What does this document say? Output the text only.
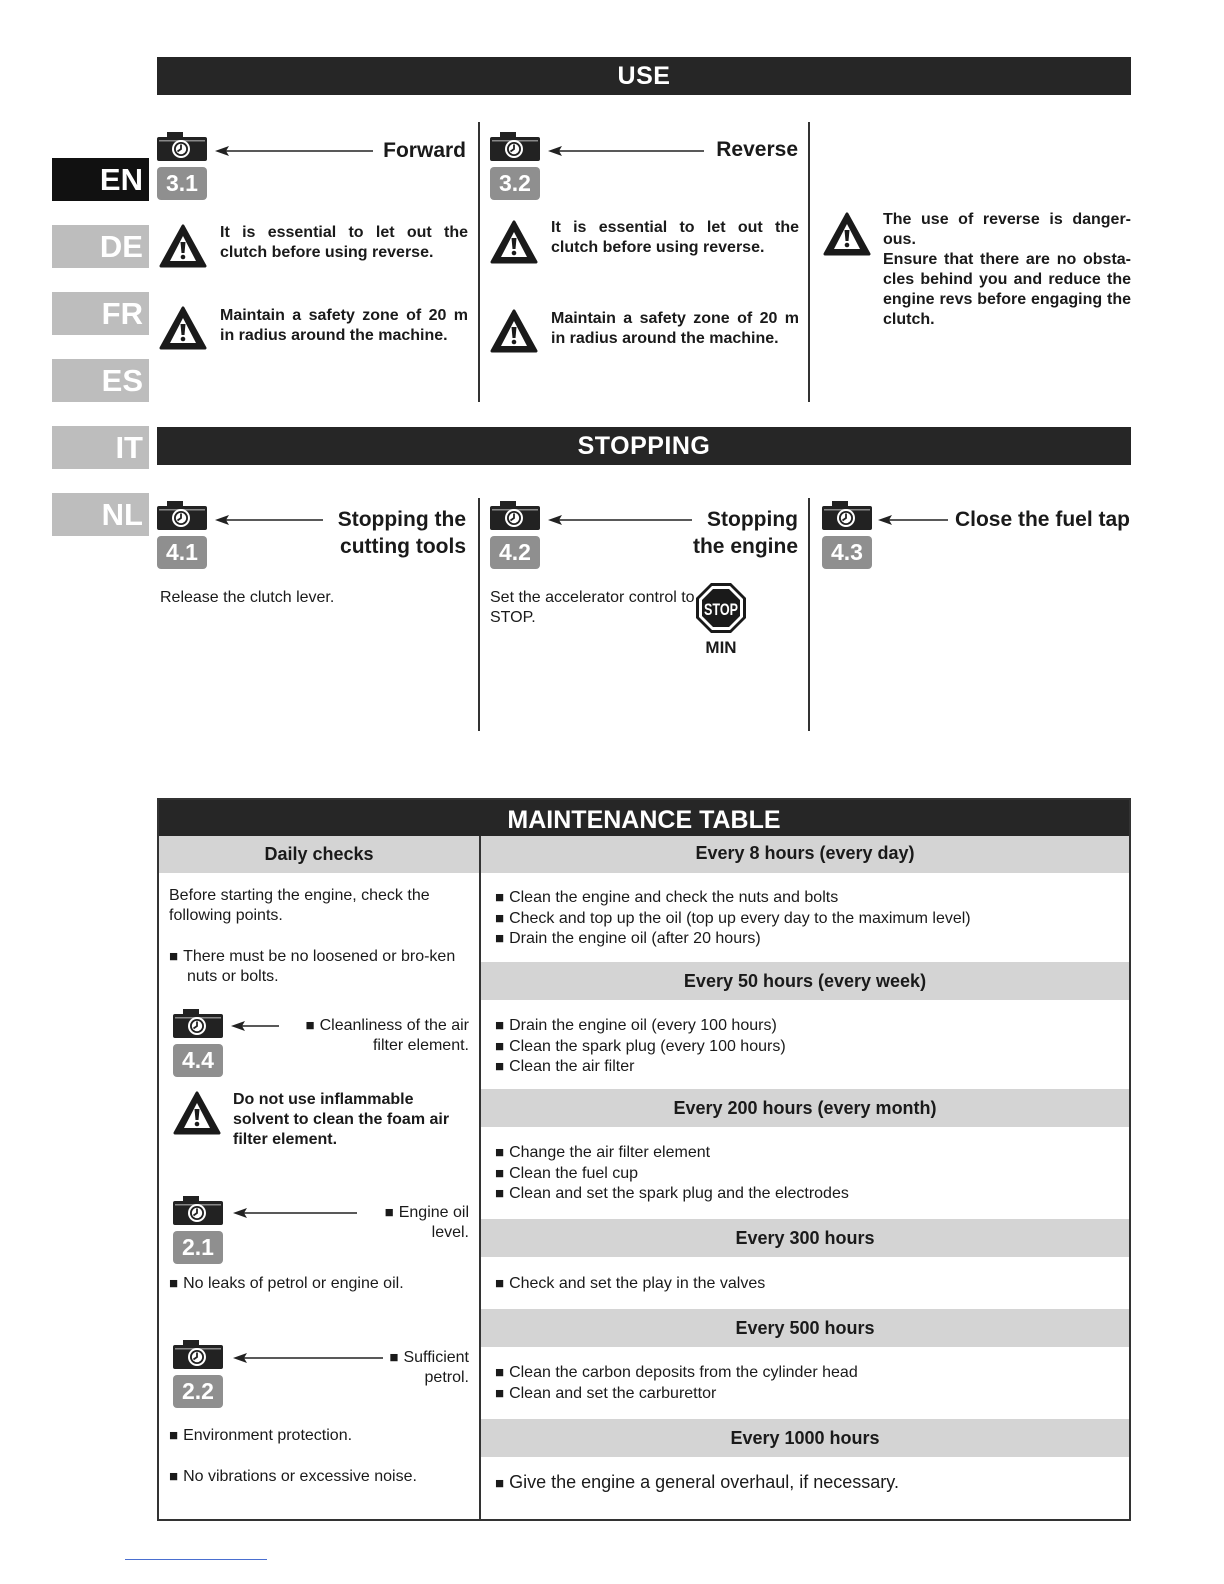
EN
DE
FR
ES
IT
NL
USE
3.1
Forward
It is essential to let out the clutch before using reverse.
Maintain a safety zone of 20 m in radius around the machine.
3.2
Reverse
It is essential to let out the clutch before using reverse.
Maintain a safety zone of 20 m in radius around the machine.
The use of reverse is danger-ous.
Ensure that there are no obsta-cles behind you and reduce the engine revs before engaging the clutch.
STOPPING
4.1
Stopping the cutting tools
Release the clutch lever.
4.2
Stopping the engine
Set the accelerator control to STOP.	STOP
MIN
4.3
Close the fuel tap
MAINTENANCE TABLE
Daily checks
Before starting the engine, check the following points.
■ There must be no loosened or bro-ken nuts or bolts.
4.4
■ Cleanliness of the air filter element.
Do not use inflammable solvent to clean the foam air filter element.
2.1
■ Engine oil level.
■ No leaks of petrol or engine oil.
2.2
■ Sufficient petrol.
■ Environment protection.
■ No vibrations or excessive noise.
Every 8 hours (every day)
■ Clean the engine and check the nuts and bolts
■ Check and top up the oil (top up every day to the maximum level)
■ Drain the engine oil (after 20 hours)
Every 50 hours (every week)
■ Drain the engine oil (every 100 hours)
■ Clean the spark plug (every 100 hours)
■ Clean the air filter
Every 200 hours (every month)
■ Change the air filter element
■ Clean the fuel cup
■ Clean and set the spark plug and the electrodes
Every 300 hours
■ Check and set the play in the valves
Every 500 hours
■ Clean the carbon deposits from the cylinder head
■ Clean and set the carburettor
Every 1000 hours
■ Give the engine a general overhaul, if necessary.
